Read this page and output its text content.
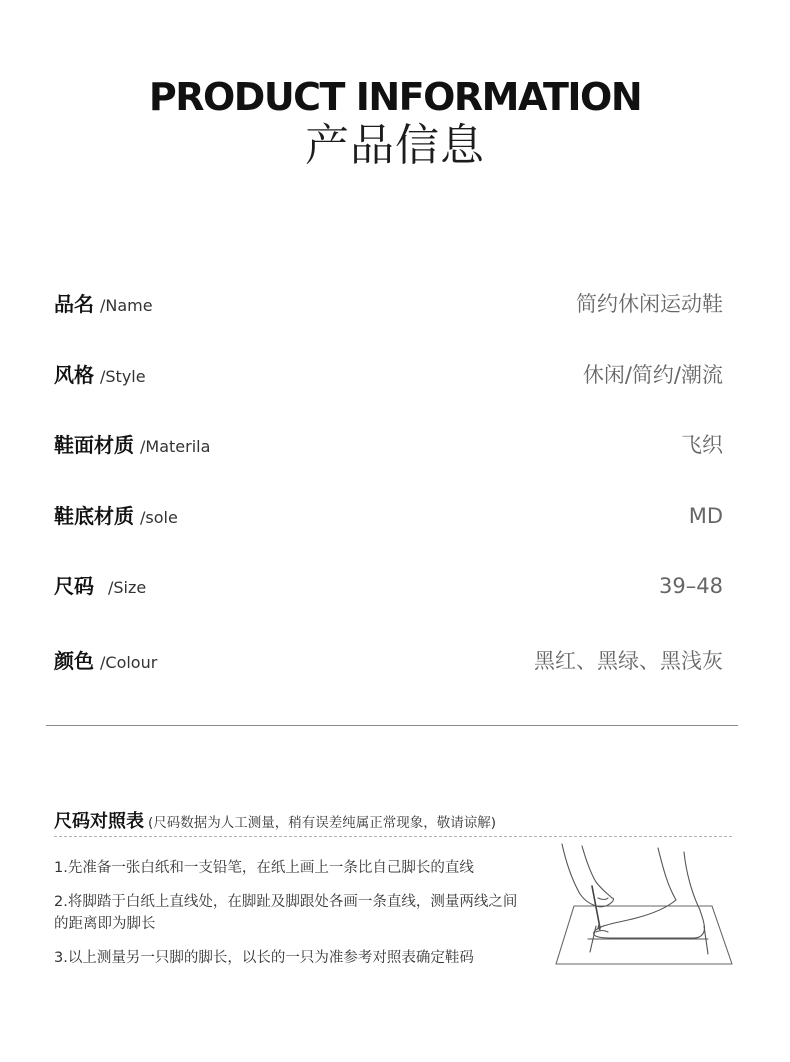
PRODUCT INFORMATION
产品信息
品名 /Name	简约休闲运动鞋
风格 /Style	休闲/简约/潮流
鞋面材质 /Materila	飞织
鞋底材质 /sole	MD
尺码 /Size	39–48
颜色 /Colour	黑红、黑绿、黑浅灰
尺码对照表 (尺码数据为人工测量，稍有误差纯属正常现象，敬请谅解)
1.先准备一张白纸和一支铅笔，在纸上画上一条比自己脚长的直线
2.将脚踏于白纸上直线处，在脚趾及脚跟处各画一条直线，测量两线之间的距离即为脚长
3.以上测量另一只脚的脚长，以长的一只为准参考对照表确定鞋码
